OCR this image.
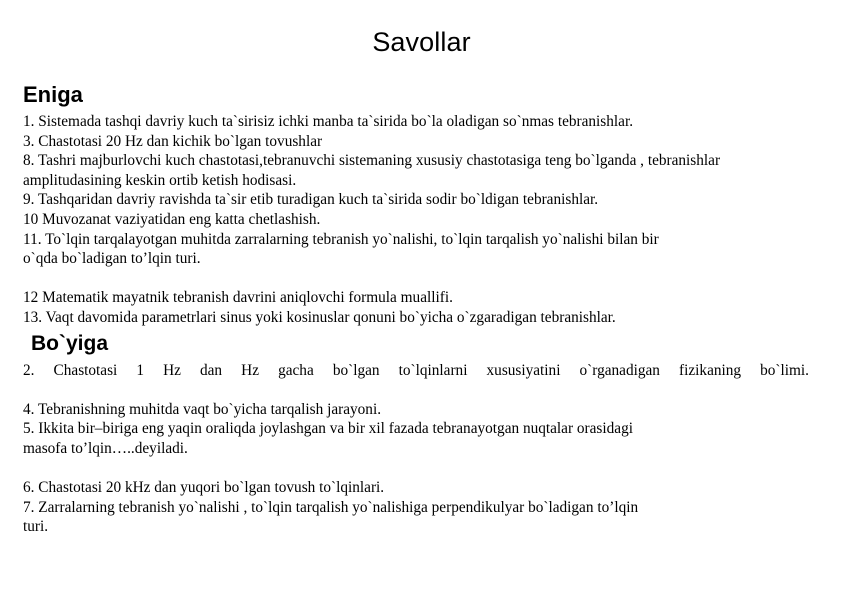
Savollar
Eniga

1. Sistemada tashqi davriy kuch ta`sirisiz ichki manba ta`sirida bo`la oladigan so`nmas tebranishlar.

3. Chastotasi 20 Hz dan kichik bo`lgan tovushlar

8. Tashri majburlovchi kuch chastotasi,tebranuvchi sistemaning xususiy chastotasiga teng bo`lganda , tebranishlar amplitudasining keskin ortib ketish hodisasi.

9. Tashqaridan davriy ravishda ta`sir etib turadigan kuch ta`sirida sodir bo`ldigan tebranishlar.

10 Muvozanat vaziyatidan eng katta chetlashish.

11. To`lqin tarqalayotgan muhitda zarralarning tebranish yo`nalishi, to`lqin tarqalish yo`nalishi bilan bir
o`qda bo`ladigan to’lqin turi.

12 Matematik mayatnik tebranish davrini aniqlovchi formula muallifi.

13. Vaqt davomida parametrlari sinus yoki kosinuslar qonuni bo`yicha o`zgaradigan tebranishlar.

Bo`yiga

2. Chastotasi 1 Hz dan Hz gacha bo`lgan to`lqinlarni xususiyatini o`rganadigan fizikaning bo`limi.

4. Tebranishning muhitda vaqt bo`yicha tarqalish jarayoni.

5. Ikkita bir–biriga eng yaqin oraliqda joylashgan va bir xil fazada tebranayotgan nuqtalar orasidagi
masofa to’lqin…..deyiladi.

6. Chastotasi 20 kHz dan yuqori bo`lgan tovush to`lqinlari.

7. Zarralarning tebranish yo`nalishi , to`lqin tarqalish yo`nalishiga perpendikulyar bo`ladigan to’lqin
turi.
